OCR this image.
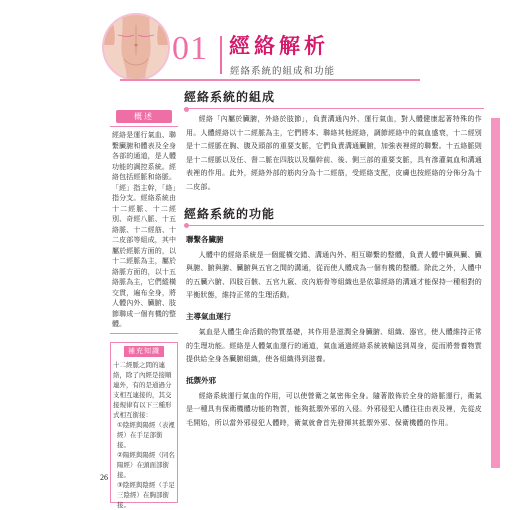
01 經絡解析
經絡系統的組成和功能
概述
經絡是運行氣血、聯繫臟腑和體表及全身各部的通道，是人體功能的調控系統。經絡包括經脈和絡脈。「經」指主幹，「絡」指分支。經絡系統由十二經脈、十二經別、奇經八脈、十五絡脈、十二經筋、十二皮部等組成，其中屬於經脈方面的，以十二經脈為主，屬於絡脈方面的，以十五絡脈為主，它們縱橫交貫，遍布全身，將人體內外、臟腑、肢節聯成一個有機的整體。
補充知識
十二經脈之間的連絡，除了內經是接順連外，有的是通過分支相互連接的，其交接規律有以下三種形式相互銜接：
①陰經與陽經（表裡經）在手足部銜接。
②陽經與陽經（同名陽經）在頭面部銜接。
③陰經與陰經（手足三陰經）在胸部銜接。
經絡系統的組成

經絡「內屬於臟腑，外絡於肢節」，負責溝通內外、運行氣血，對人體健康起著特殊的作用。人體經絡以十二經脈為主，它們將本、聯絡其他經絡，調節經絡中的氣血盛衰，十二經別是十二經脈在胸、腹及頭部的重要支脈，它們負責溝通臟腑，加強表裡經的聯繫。十五絡脈則是十二經脈以及任、督二脈在四肢以及驅幹前、後、側三部的重要支脈，具有滲灌氣血和溝通表裡的作用。此外，經絡外部的筋肉分為十二經筋，受經絡支配，皮膚也按經絡的分佈分為十二皮部。

經絡系統的功能
聯繫各臟腑

人體中的經絡系統是一個縱橫交錯、溝通內外、相互聯繫的整體，負責人體中臟與臟、臟與腑、腑與腑、臟腑與五官之間的溝通，從而使人體成為一個有機的整體。除此之外，人體中的五臟六腑、四肢百骸、五官九竅、皮內筋骨等組織也是依靠經絡的溝通才能保持一種相對的平衡狀態，維持正常的生理活動。

主導氣血運行

氣血是人體生命活動的物質基礎，其作用是滋潤全身臟腑、組織、器官，使人體維持正常的生理功能。經絡是人體氣血運行的通道，氣血通過經絡系統被輸送到周身，從而將營養物質提供給全身各臟腑組織，使各組織得到滋養。

抵禦外邪

經絡系統運行氣血的作用，可以使營衛之氣密佈全身。隨著散佈於全身的絡脈運行，衛氣是一種具有保衛機體功能的物質，能夠抵禦外邪的入侵。外邪侵犯人體往往由表及裡，先從皮毛開始，所以當外邪侵犯人體時，衛氣就會首先發揮其抵禦外邪、保衛機體的作用。

26
